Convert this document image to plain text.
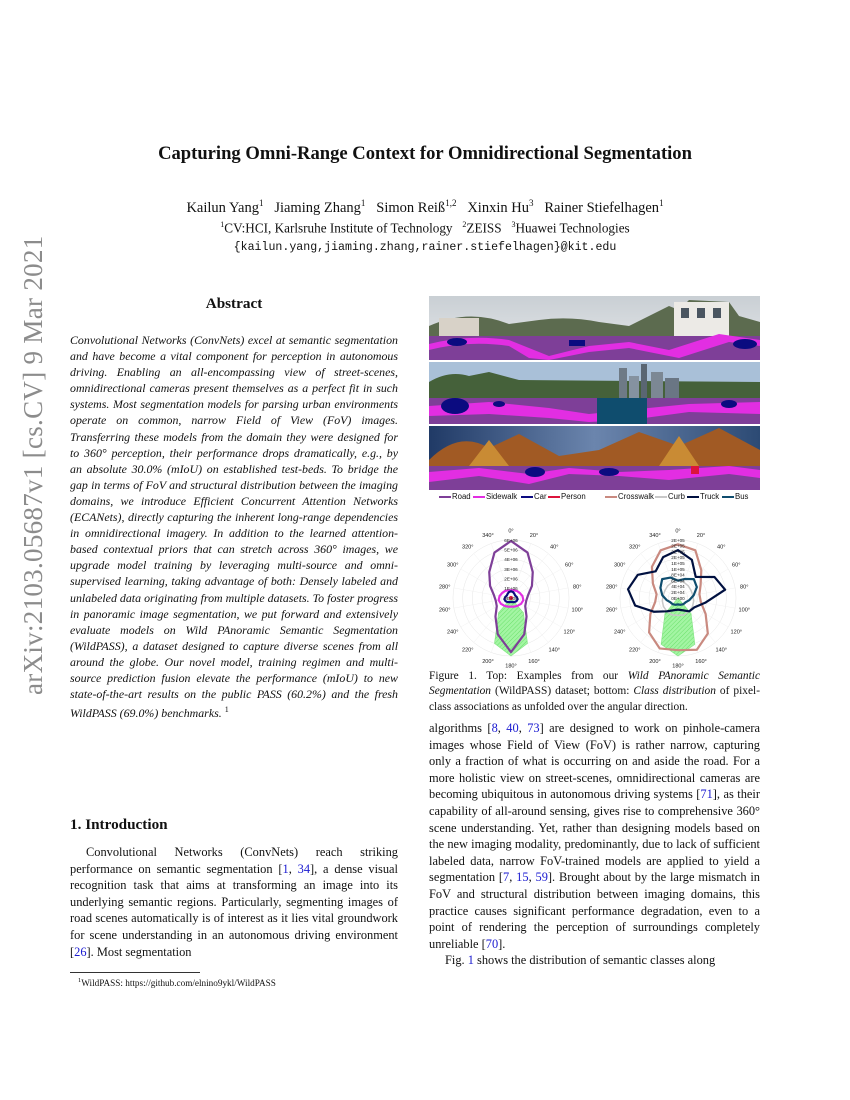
arXiv:2103.05687v1 [cs.CV] 9 Mar 2021
Capturing Omni-Range Context for Omnidirectional Segmentation
Kailun Yang$^1$ Jiaming Zhang$^1$ Simon Reiß$^{1,2}$ Xinxin Hu$^3$ Rainer Stiefelhagen$^1$
$^1$CV:HCI, Karlsruhe Institute of Technology $^2$ZEISS $^3$Huawei Technologies
{kailun.yang,jiaming.zhang,rainer.stiefelhagen}@kit.edu
Abstract
Convolutional Networks (ConvNets) excel at semantic segmentation and have become a vital component for perception in autonomous driving. Enabling an all-encompassing view of street-scenes, omnidirectional cameras present themselves as a perfect fit in such systems. Most segmentation models for parsing urban environments operate on common, narrow Field of View (FoV) images. Transferring these models from the domain they were designed for to 360° perception, their performance drops dramatically, e.g., by an absolute 30.0% (mIoU) on established test-beds. To bridge the gap in terms of FoV and structural distribution between the imaging domains, we introduce Efficient Concurrent Attention Networks (ECANets), directly capturing the inherent long-range dependencies in omnidirectional imagery. In addition to the learned attention-based contextual priors that can stretch across 360° images, we upgrade model training by leveraging multi-source and omni-supervised learning, taking advantage of both: Densely labeled and unlabeled data originating from multiple datasets. To foster progress in panoramic image segmentation, we put forward and extensively evaluate models on Wild PAnoramic Semantic Segmentation (WildPASS), a dataset designed to capture diverse scenes from all around the globe. Our novel model, training regimen and multi-source prediction fusion elevate the performance (mIoU) to new state-of-the-art results on the public PASS (60.2%) and the fresh WildPASS (69.0%) benchmarks. $^1$
1. Introduction
Convolutional Networks (ConvNets) reach striking performance on semantic segmentation [1, 34], a dense visual recognition task that aims at transforming an image into its underlying semantic regions. Particularly, segmenting images of road scenes automatically is of interest as it lies vital groundwork for scene understanding in an autonomous driving environment [26]. Most segmentation
$^1$WildPASS: https://github.com/elnino9ykl/WildPASS
Road	Sidewalk	Car	Person	Crosswalk	Curb	Truck	Bus
0°
20°
40°
60°
80°
100°
120°
140°
160°
180°
200°
220°
240°
260°
280°
300°
320°
340°
6E+06
5E+06
4E+06
3E+06
2E+06
1E+06
0E+00
0°
20°
40°
60°
80°
100°
120°
140°
160°
180°
200°
220°
240°
260°
280°
300°
320°
340°
2E+05
2E+05
2E+05
2E+05
1E+05
1E+05
8E+04
6E+04
4E+04
2E+04
0E+00
Figure 1. Top: Examples from our Wild PAnoramic Semantic Segmentation (WildPASS) dataset; bottom: Class distribution of pixel-class associations as unfolded over the angular direction.
algorithms [8, 40, 73] are designed to work on pinhole-camera images whose Field of View (FoV) is rather narrow, capturing only a fraction of what is occurring on and aside the road. For a more holistic view on street-scenes, omnidirectional cameras are becoming ubiquitous in autonomous driving systems [71], as their capability of all-around sensing, gives rise to comprehensive 360° scene understanding. Yet, rather than designing models based on the new imaging modality, predominantly, due to lack of sufficient labeled data, narrow FoV-trained models are applied to yield a segmentation [7, 15, 59]. Brought about by the large mismatch in FoV and structural distribution between imaging domains, this practice causes significant performance degradation, even to a point of rendering the perception of surroundings completely unreliable [70].
Fig. 1 shows the distribution of semantic classes along
